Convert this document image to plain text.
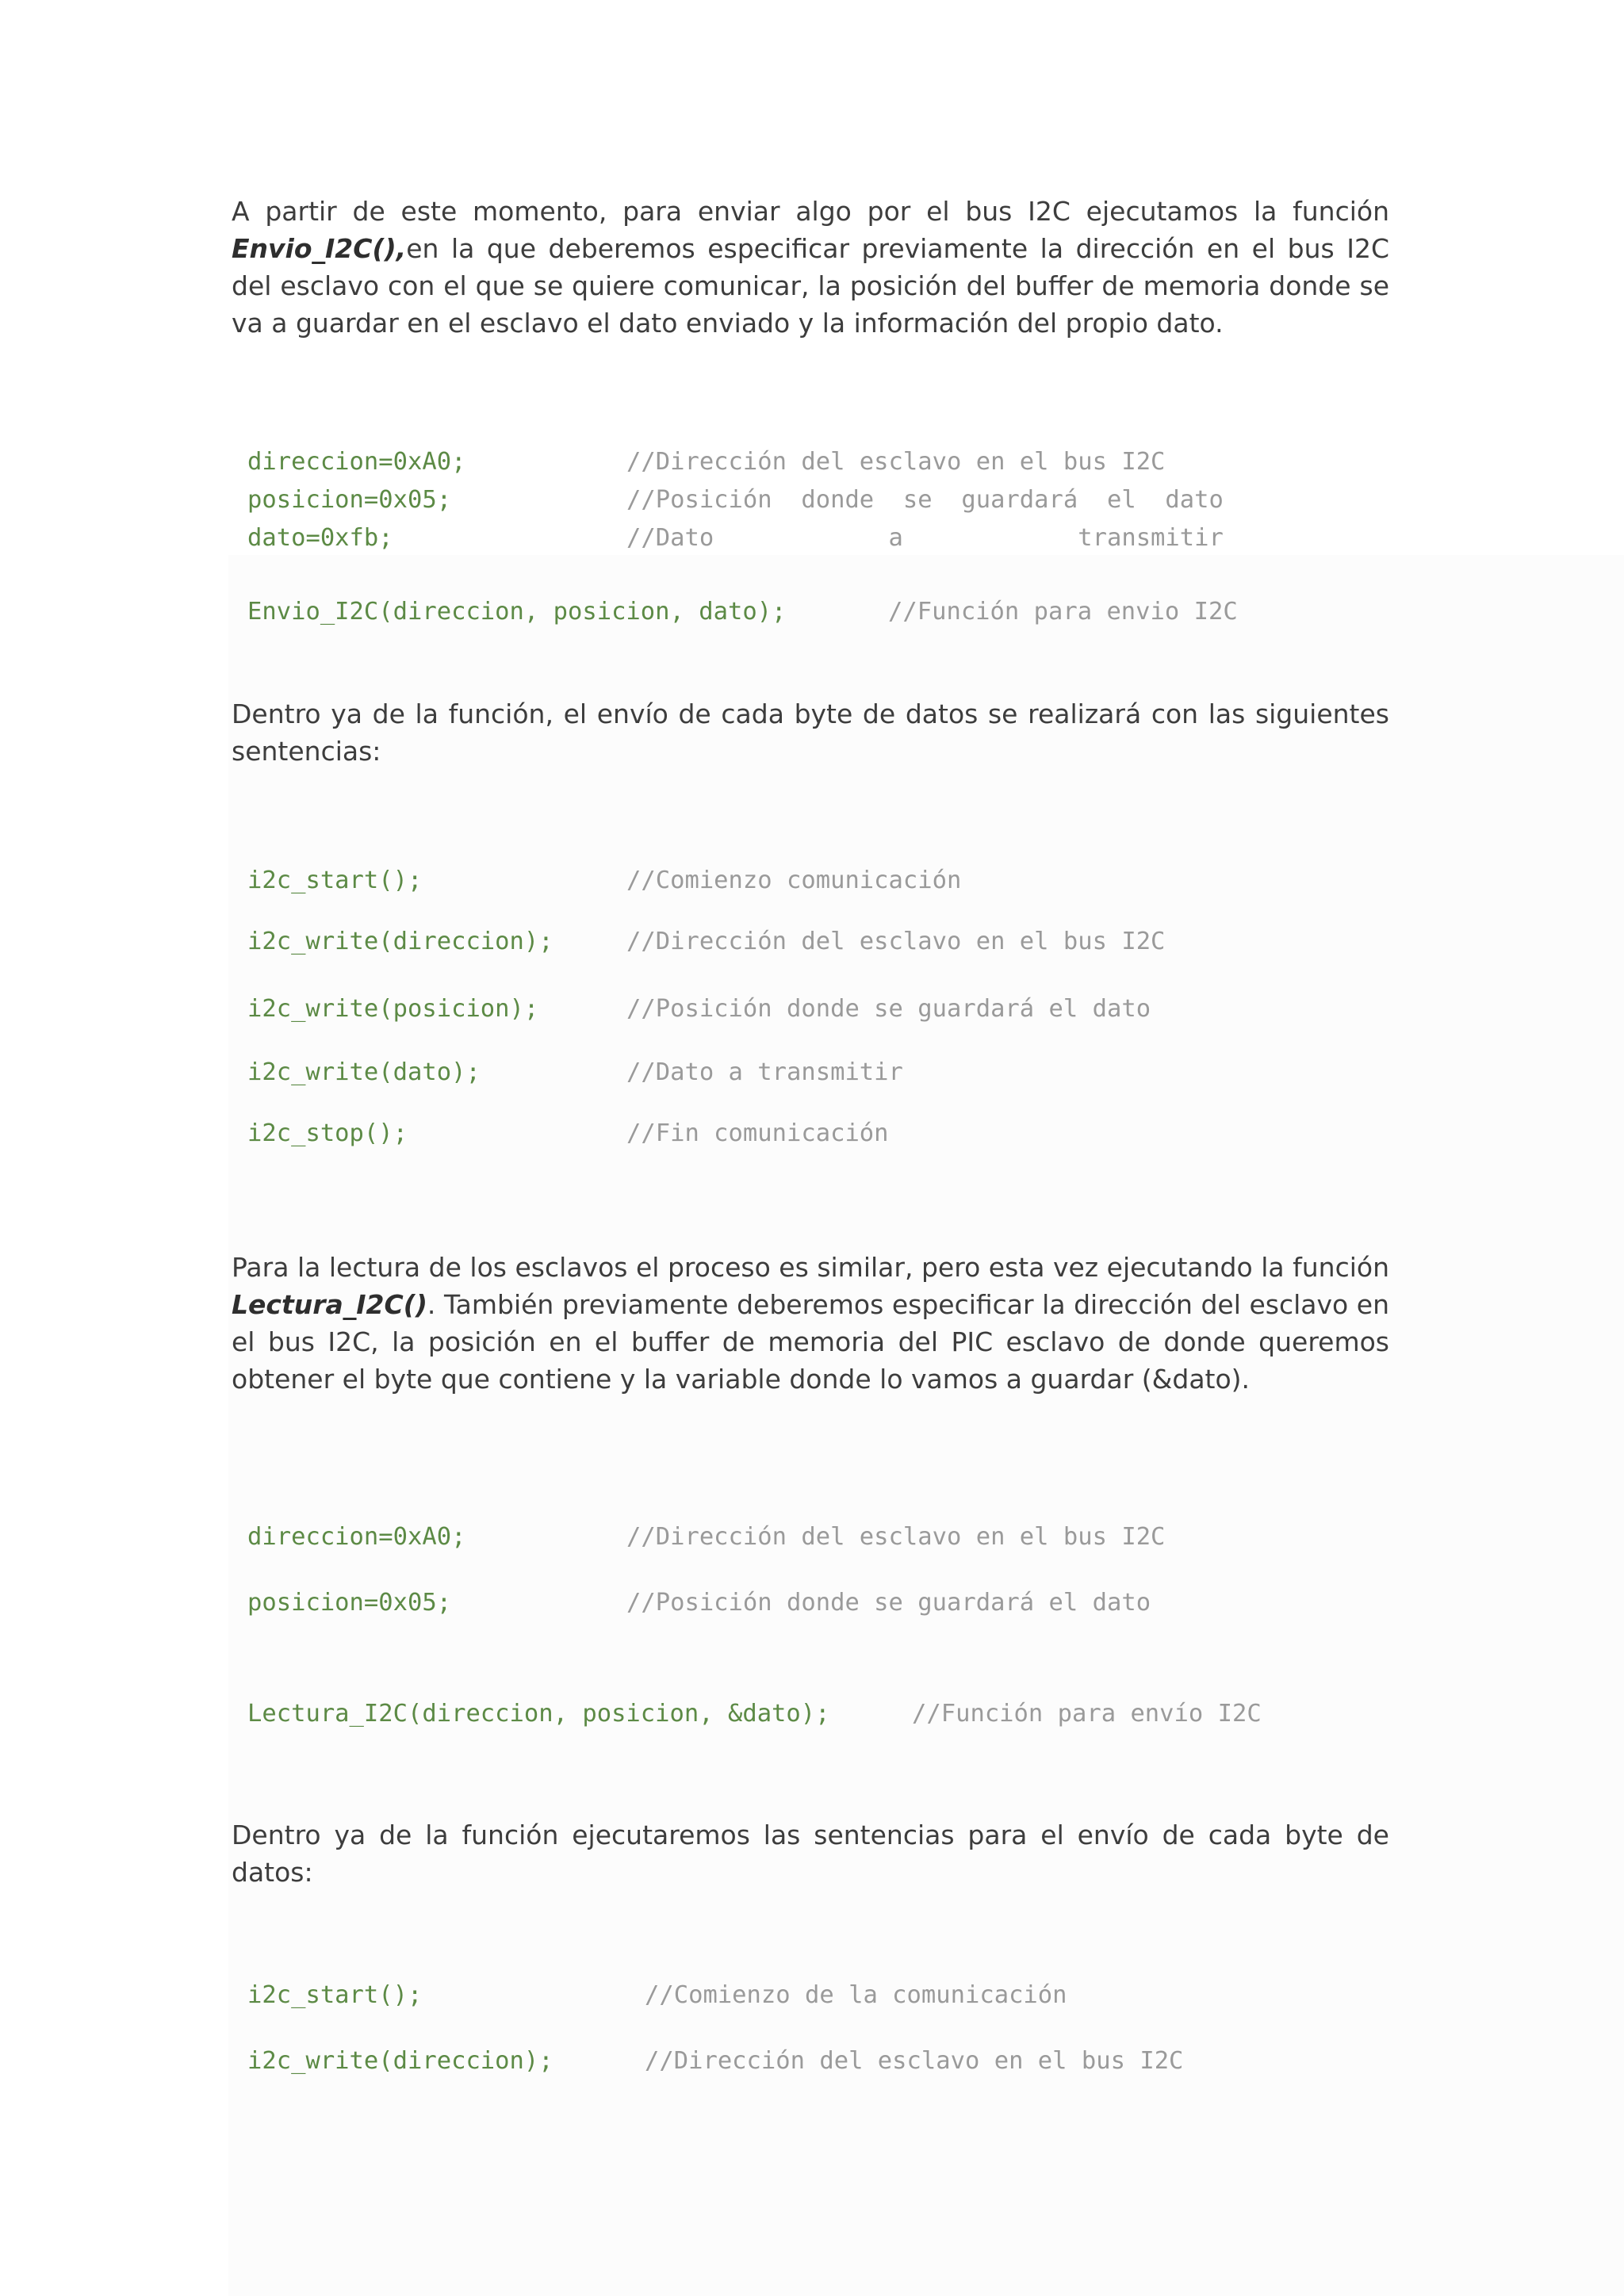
A partir de este momento, para enviar algo por el bus I2C ejecutamos la función Envio_I2C(),en la que deberemos especificar previamente la dirección en el bus I2C del esclavo con el que se quiere comunicar, la posición del buffer de memoria donde se va a guardar en el esclavo el dato enviado y la información del propio dato.

direccion=0xA0;	//Dirección del esclavo en el bus I2C
posicion=0x05;	//Posición  donde  se  guardará  el  dato
dato=0xfb;	//Dato            a            transmitir
Envio_I2C(direccion, posicion, dato);	//Función para envio I2C

Dentro ya de la función, el envío de cada byte de datos se realizará con las siguientes sentencias:

i2c_start();	//Comienzo comunicación
i2c_write(direccion);	//Dirección del esclavo en el bus I2C
i2c_write(posicion);	//Posición donde se guardará el dato
i2c_write(dato);	//Dato a transmitir
i2c_stop();	//Fin comunicación

Para la lectura de los esclavos el proceso es similar, pero esta vez ejecutando la función Lectura_I2C(). También previamente deberemos especificar la dirección del esclavo en el bus I2C, la posición en el buffer de memoria del PIC esclavo de donde queremos obtener el byte que contiene y la variable donde lo vamos a guardar (&dato).

direccion=0xA0;	//Dirección del esclavo en el bus I2C
posicion=0x05;	//Posición donde se guardará el dato
Lectura_I2C(direccion, posicion, &dato);	//Función para envío I2C

Dentro ya de la función ejecutaremos las sentencias para el envío de cada byte de datos:

i2c_start();	//Comienzo de la comunicación
i2c_write(direccion);	//Dirección del esclavo en el bus I2C
